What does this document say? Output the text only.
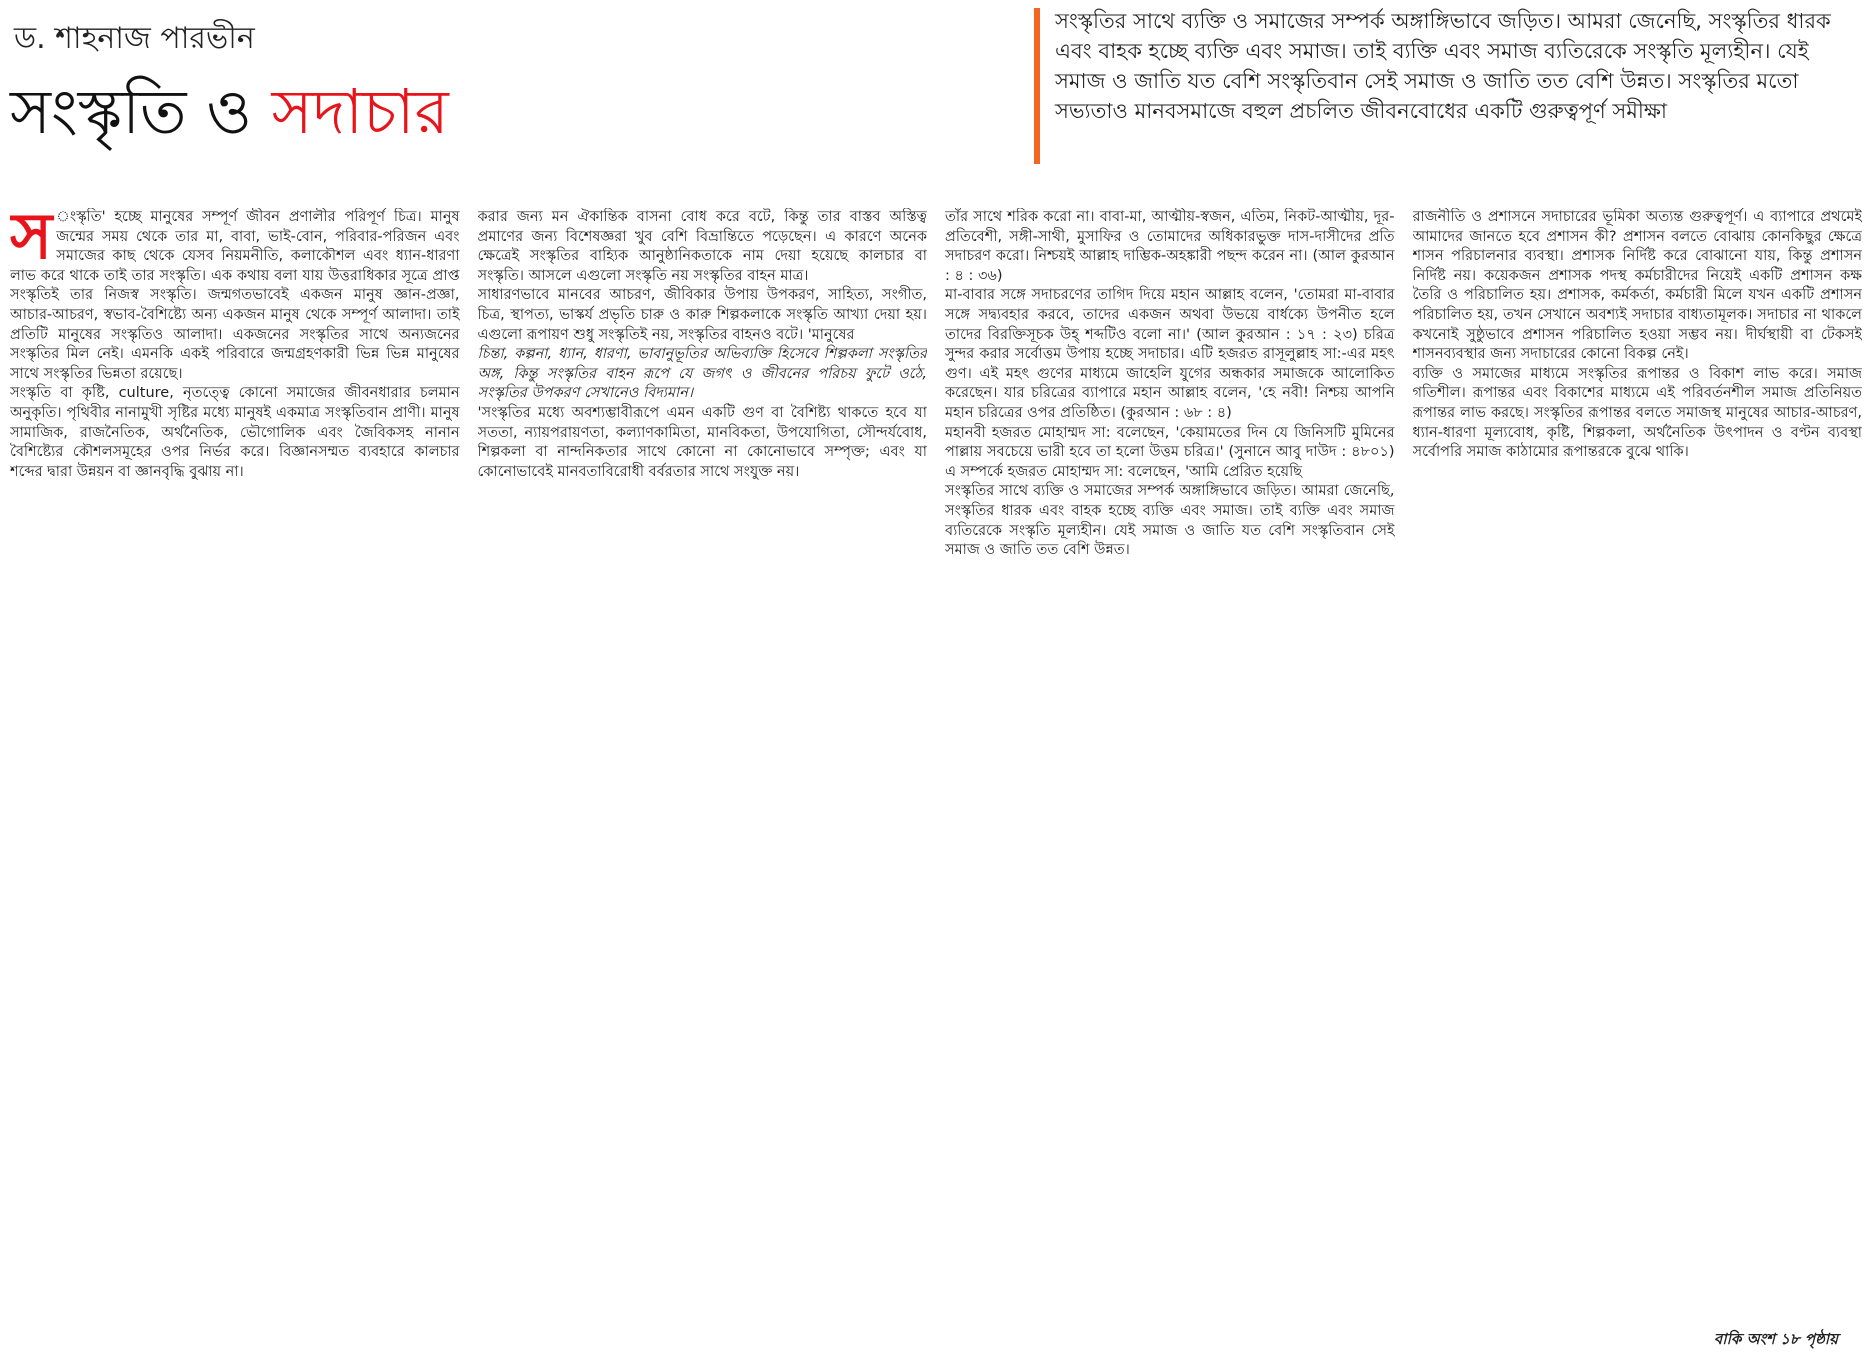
ড. শাহনাজ পারভীন
সংস্কৃতি ও সদাচার
সংস্কৃতির সাথে ব্যক্তি ও সমাজের সম্পর্ক অঙ্গাঙ্গিভাবে জড়িত। আমরা জেনেছি, সংস্কৃতির ধারক এবং বাহক হচ্ছে ব্যক্তি এবং সমাজ। তাই ব্যক্তি এবং সমাজ ব্যতিরেকে সংস্কৃতি মূল্যহীন। যেই সমাজ ও জাতি যত বেশি সংস্কৃতিবান সেই সমাজ ও জাতি তত বেশি উন্নত। সংস্কৃতির মতো সভ্যতাও মানবসমাজে বহুল প্রচলিত জীবনবোধের একটি গুরুত্বপূর্ণ সমীক্ষা
স ংস্কৃতি' হচ্ছে মানুষের সম্পূর্ণ জীবন প্রণালীর পরিপূর্ণ চিত্র। মানুষ জন্মের সময় থেকে তার মা, বাবা, ভাই-বোন, পরিবার-পরিজন এবং সমাজের কাছ থেকে যেসব নিয়মনীতি, কলাকৌশল এবং ধ্যান-ধারণা লাভ করে থাকে তাই তার সংস্কৃতি। এক কথায় বলা যায় উত্তরাধিকার সূত্রে প্রাপ্ত সংস্কৃতিই তার নিজস্ব সংস্কৃতি। জন্মগতভাবেই একজন মানুষ জ্ঞান-প্রজ্ঞা, আচার-আচরণ, স্বভাব-বৈশিষ্ট্যে অন্য একজন মানুষ থেকে সম্পূর্ণ আলাদা। তাই প্রতিটি মানুষের সংস্কৃতিও আলাদা। একজনের সংস্কৃতির সাথে অন্যজনের সংস্কৃতির মিল নেই। এমনকি একই পরিবারে জন্মগ্রহণকারী ভিন্ন ভিন্ন মানুষের সাথে সংস্কৃতির ভিন্নতা রয়েছে।

সংস্কৃতি বা কৃষ্টি, culture, নৃতত্ত্বে কোনো সমাজের জীবনধারার চলমান অনুকৃতি। পৃথিবীর নানামুখী সৃষ্টির মধ্যে মানুষই একমাত্র সংস্কৃতিবান প্রাণী। মানুষ সামাজিক, রাজনৈতিক, অর্থনৈতিক, ভৌগোলিক এবং জৈবিকসহ নানান বৈশিষ্ট্যের কৌশলসমূহের ওপর নির্ভর করে। বিজ্ঞানসম্মত ব্যবহারে কালচার শব্দের দ্বারা উন্নয়ন বা জ্ঞানবৃদ্ধি বুঝায় না।

করার জন্য মন ঐকান্তিক বাসনা বোধ করে বটে, কিন্তু তার বাস্তব অস্তিত্ব প্রমাণের জন্য বিশেষজ্ঞরা খুব বেশি বিভ্রান্তিতে পড়েছেন। এ কারণে অনেক ক্ষেত্রেই সংস্কৃতির বাহ্যিক আনুষ্ঠানিকতাকে নাম দেয়া হয়েছে কালচার বা সংস্কৃতি। আসলে এগুলো সংস্কৃতি নয় সংস্কৃতির বাহন মাত্র।

সাধারণভাবে মানবের আচরণ, জীবিকার উপায় উপকরণ, সাহিত্য, সংগীত, চিত্র, স্থাপত্য, ভাস্কর্য প্রভৃতি চারু ও কারু শিল্পকলাকে সংস্কৃতি আখ্যা দেয়া হয়। এগুলো রূপায়ণ শুধু সংস্কৃতিই নয়, সংস্কৃতির বাহনও বটে। 'মানুষের

চিন্তা, কল্পনা, ধ্যান, ধারণা, ভাবানুভূতির অভিব্যক্তি হিসেবে শিল্পকলা সংস্কৃতির অঙ্গ, কিন্তু সংস্কৃতির বাহন রূপে যে জগৎ ও জীবনের পরিচয় ফুটে ওঠে, সংস্কৃতির উপকরণ সেখানেও বিদ্যমান।

'সংস্কৃতির মধ্যে অবশ্যম্ভাবীরূপে এমন একটি গুণ বা বৈশিষ্ট্য থাকতে হবে যা সততা, ন্যায়পরায়ণতা, কল্যাণকামিতা, মানবিকতা, উপযোগিতা, সৌন্দর্যবোধ, শিল্পকলা বা নান্দনিকতার সাথে কোনো না কোনোভাবে সম্পৃক্ত; এবং যা কোনোভাবেই মানবতাবিরোধী বর্বরতার সাথে সংযুক্ত নয়।

তাঁর সাথে শরিক করো না। বাবা-মা, আত্মীয়-স্বজন, এতিম, নিকট-আত্মীয়, দূর-প্রতিবেশী, সঙ্গী-সাথী, মুসাফির ও তোমাদের অধিকারভুক্ত দাস-দাসীদের প্রতি সদাচরণ করো। নিশ্চয়ই আল্লাহ দাম্ভিক-অহঙ্কারী পছন্দ করেন না। (আল কুরআন : ৪ : ৩৬)

মা-বাবার সঙ্গে সদাচরণের তাগিদ দিয়ে মহান আল্লাহ বলেন, 'তোমরা মা-বাবার সঙ্গে সদ্ব্যবহার করবে, তাদের একজন অথবা উভয়ে বার্ধক্যে উপনীত হলে তাদের বিরক্তিসূচক উহ্ শব্দটিও বলো না।' (আল কুরআন : ১৭ : ২৩) চরিত্র সুন্দর করার সর্বোত্তম উপায় হচ্ছে সদাচার। এটি হজরত রাসূলুল্লাহ সা:-এর মহৎ গুণ। এই মহৎ গুণের মাধ্যমে জাহেলি যুগের অন্ধকার সমাজকে আলোকিত করেছেন। যার চরিত্রের ব্যাপারে মহান আল্লাহ বলেন, 'হে নবী! নিশ্চয় আপনি মহান চরিত্রের ওপর প্রতিষ্ঠিত। (কুরআন : ৬৮ : ৪)

মহানবী হজরত মোহাম্মদ সা: বলেছেন, 'কেয়ামতের দিন যে জিনিসটি মুমিনের পাল্লায় সবচেয়ে ভারী হবে তা হলো উত্তম চরিত্র।' (সুনানে আবু দাউদ : ৪৮০১) এ সম্পর্কে হজরত মোহাম্মদ সা: বলেছেন, 'আমি প্রেরিত হয়েছি

সংস্কৃতির সাথে ব্যক্তি ও সমাজের সম্পর্ক অঙ্গাঙ্গিভাবে জড়িত। আমরা জেনেছি, সংস্কৃতির ধারক এবং বাহক হচ্ছে ব্যক্তি এবং সমাজ। তাই ব্যক্তি এবং সমাজ ব্যতিরেকে সংস্কৃতি মূল্যহীন। যেই সমাজ ও জাতি যত বেশি সংস্কৃতিবান সেই সমাজ ও জাতি তত বেশি উন্নত।

রাজনীতি ও প্রশাসনে সদাচারের ভূমিকা অত্যন্ত গুরুত্বপূর্ণ। এ ব্যাপারে প্রথমেই আমাদের জানতে হবে প্রশাসন কী? প্রশাসন বলতে বোঝায় কোনকিছুর ক্ষেত্রে শাসন পরিচালনার ব্যবস্থা। প্রশাসক নির্দিষ্ট করে বোঝানো যায়, কিন্তু প্রশাসন নির্দিষ্ট নয়। কয়েকজন প্রশাসক পদস্থ কর্মচারীদের নিয়েই একটি প্রশাসন কক্ষ তৈরি ও পরিচালিত হয়। প্রশাসক, কর্মকর্তা, কর্মচারী মিলে যখন একটি প্রশাসন পরিচালিত হয়, তখন সেখানে অবশ্যই সদাচার বাধ্যতামূলক। সদাচার না থাকলে কখনোই সুষ্ঠুভাবে প্রশাসন পরিচালিত হওয়া সম্ভব নয়। দীর্ঘস্থায়ী বা টেকসই শাসনব্যবস্থার জন্য সদাচারের কোনো বিকল্প নেই।

ব্যক্তি ও সমাজের মাধ্যমে সংস্কৃতির রূপান্তর ও বিকাশ লাভ করে। সমাজ গতিশীল। রূপান্তর এবং বিকাশের মাধ্যমে এই পরিবর্তনশীল সমাজ প্রতিনিয়ত রূপান্তর লাভ করছে। সংস্কৃতির রূপান্তর বলতে সমাজস্থ মানুষের আচার-আচরণ, ধ্যান-ধারণা মূল্যবোধ, কৃষ্টি, শিল্পকলা, অর্থনৈতিক উৎপাদন ও বণ্টন ব্যবস্থা সর্বোপরি সমাজ কাঠামোর রূপান্তরকে বুঝে থাকি।

বাকি অংশ ১৮ পৃষ্ঠায়
